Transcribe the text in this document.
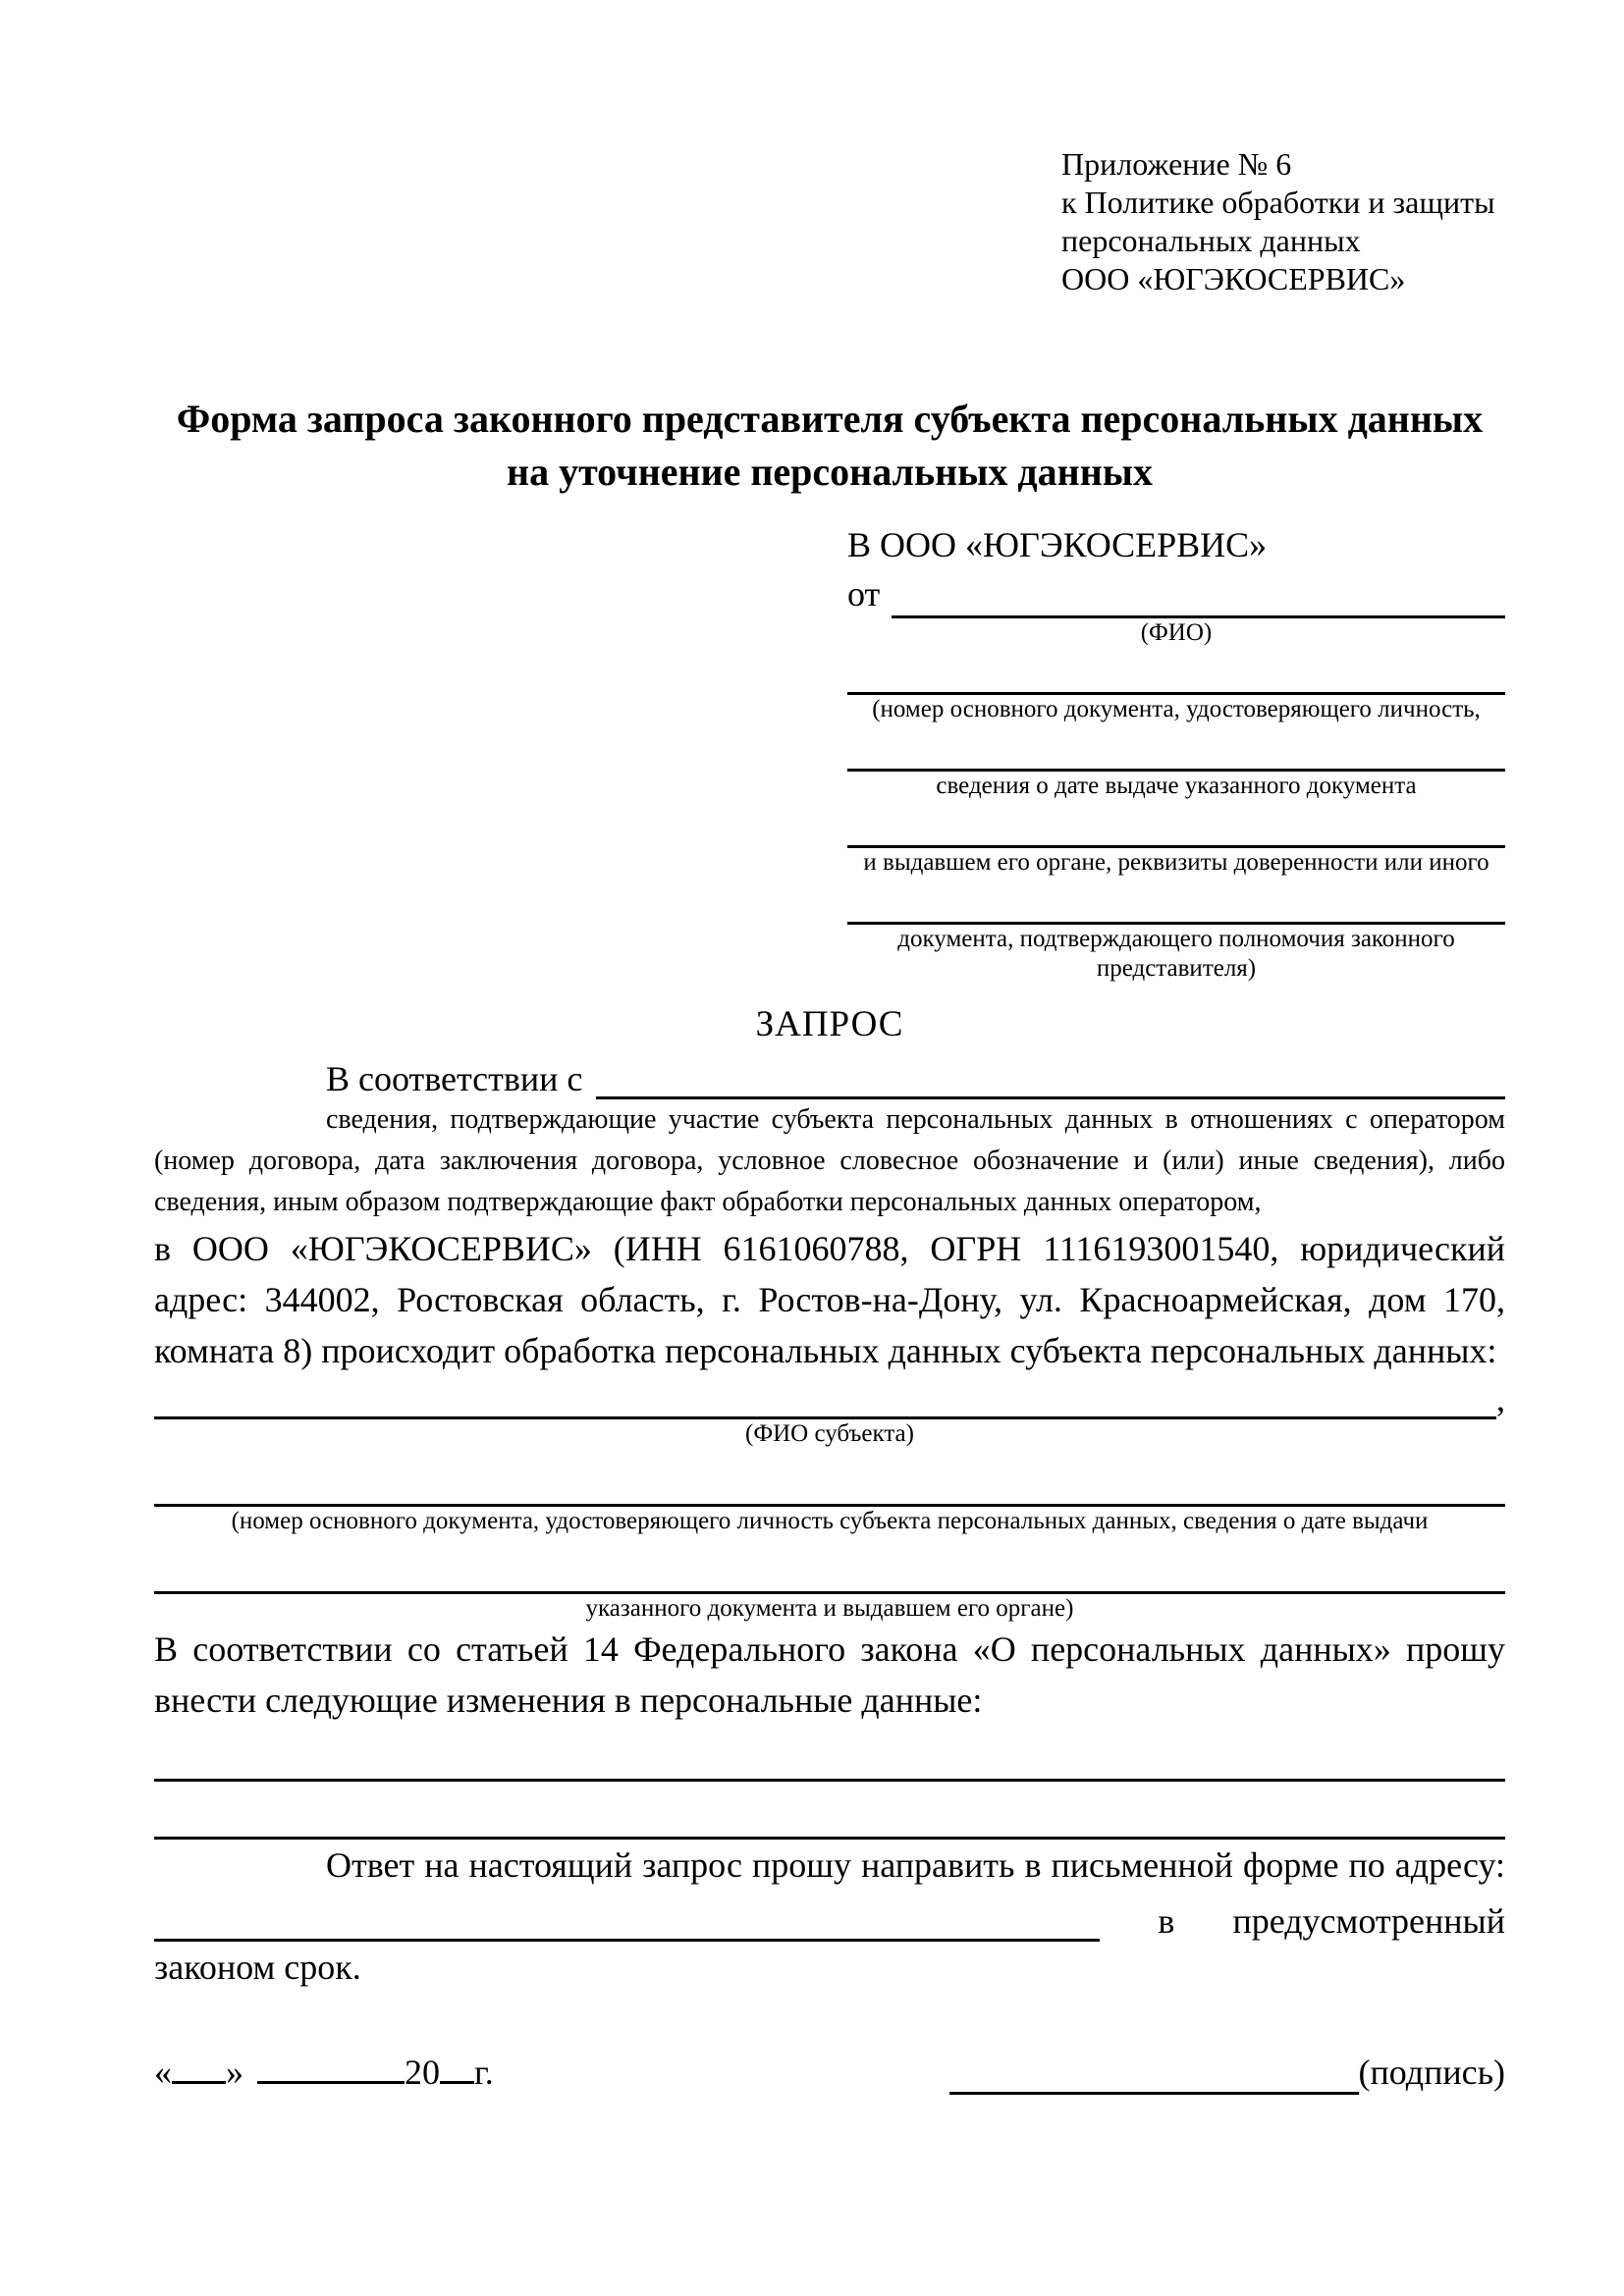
Приложение № 6
к Политике обработки и защиты
персональных данных
ООО «ЮГЭКОСЕРВИС»
Форма запроса законного представителя субъекта персональных данных
на уточнение персональных данных
В ООО «ЮГЭКОСЕРВИС»
от
(ФИО)
(номер основного документа, удостоверяющего личность,
сведения о дате выдаче указанного документа
и выдавшем его органе, реквизиты доверенности или иного
документа, подтверждающего полномочия законного представителя)
ЗАПРОС
В соответствии с
сведения, подтверждающие участие субъекта персональных данных в отношениях с оператором (номер договора, дата заключения договора, условное словесное обозначение и (или) иные сведения), либо сведения, иным образом подтверждающие факт обработки персональных данных оператором,
в ООО «ЮГЭКОСЕРВИС» (ИНН 6161060788, ОГРН 1116193001540, юридический адрес: 344002, Ростовская область, г. Ростов-на-Дону, ул. Красноармейская, дом 170, комната 8) происходит обработка персональных данных субъекта персональных данных:
,
(ФИО субъекта)
(номер основного документа, удостоверяющего личность субъекта персональных данных, сведения о дате выдачи
указанного документа и выдавшем его органе)
В соответствии со статьей 14 Федерального закона «О персональных данных» прошу внести следующие изменения в персональные данные:
Ответ на настоящий запрос прошу направить в письменной форме по адресу:
в предусмотренный
законом срок.
« »	20 г.	(подпись)
